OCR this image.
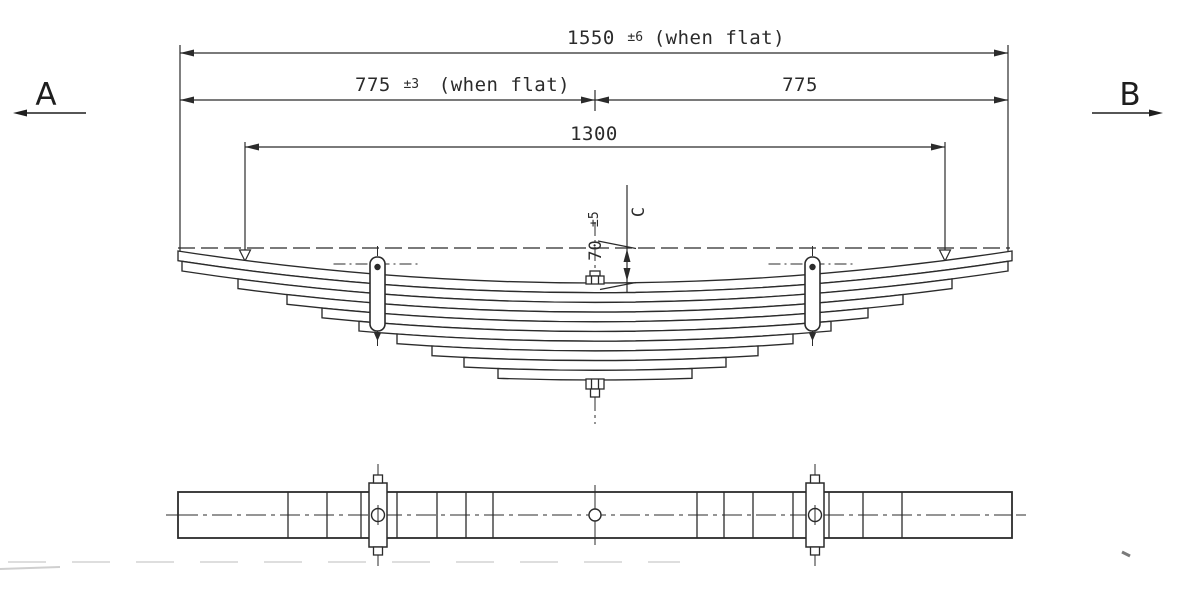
A	B
1550 ±6 (when flat)
775 ±3 (when flat)	775
1300
70 ±5 C
